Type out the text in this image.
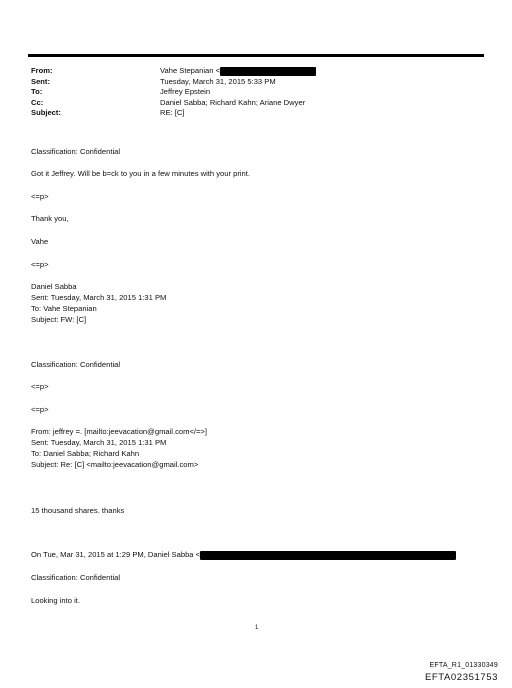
From:	Vahe Stepanian <
Sent:	Tuesday, March 31, 2015 5:33 PM
To:	Jeffrey Epstein
Cc:	Daniel Sabba; Richard Kahn; Ariane Dwyer
Subject:	RE: [C]
Classification: Confidential
Got it Jeffrey. Will be b=ck to you in a few minutes with your print.
<=p>
Thank you,
Vahe
<=p>
Daniel Sabba
Sent: Tuesday, March 31, 2015 1:31 PM
To: Vahe Stepanian
Subject: FW: [C]
Classification: Confidential
<=p>
<=p>
From: jeffrey =. [mailto:jeevacation@gmail.com</=>]
Sent: Tuesday, March 31, 2015 1:31 PM
To: Daniel Sabba; Richard Kahn
Subject: Re: [C] <mailto:jeevacation@gmail.com>
15 thousand shares. thanks
On Tue, Mar 31, 2015 at 1:29 PM, Daniel Sabba <
Classification: Confidential
Looking into it.
1
EFTA_R1_01330349
EFTA02351753
